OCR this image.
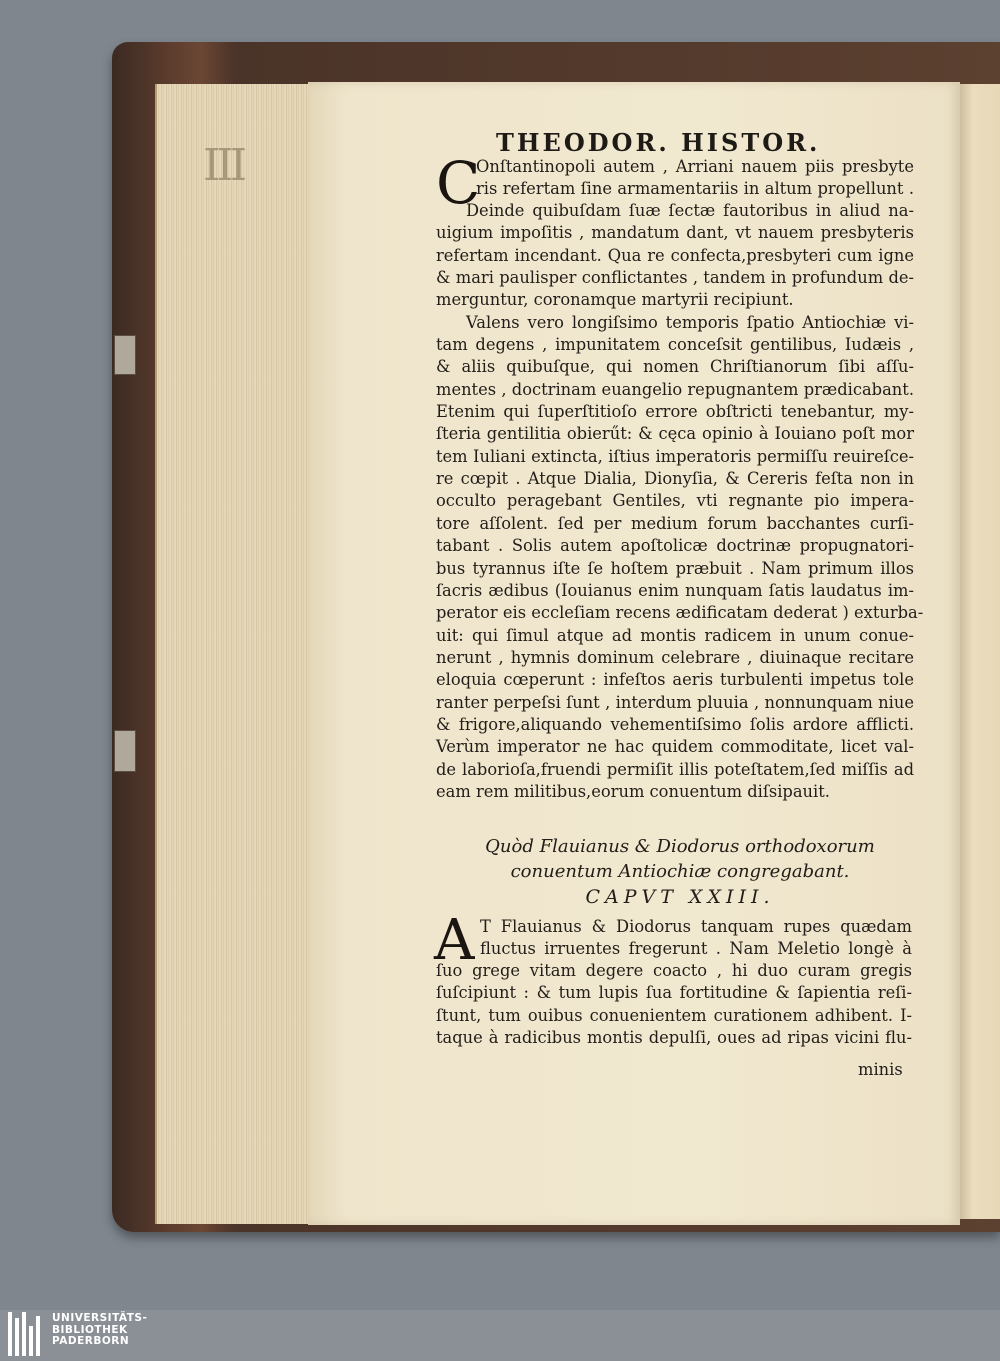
III	THEODOR. HISTOR.
C
Onſtantinopoli autem , Arriani nauem piis presbyte
ris refertam ſine armamentariis in altum propellunt .
Deinde quibuſdam ſuæ ſectæ fautoribus in aliud na-
uigium impoſitis , mandatum dant, vt nauem presbyteris
refertam incendant. Qua re confecta,presbyteri cum igne
& mari paulisper conflictantes , tandem in profundum de-
merguntur, coronamque martyrii recipiunt.
Valens vero longiſsimo temporis ſpatio Antiochiæ vi-
tam degens , impunitatem conceſsit gentilibus, Iudæis ,
& aliis quibuſque, qui nomen Chriſtianorum ſibi aſſu-
mentes , doctrinam euangelio repugnantem prædicabant.
Etenim qui ſuperſtitioſo errore obſtricti tenebantur, my-
ſteria gentilitia obierűt: & cęca opinio à Iouiano poſt mor
tem Iuliani extincta, iſtius imperatoris permiſſu reuireſce-
re cœpit . Atque Dialia, Dionyſia, & Cereris feſta non in
occulto peragebant Gentiles, vti regnante pio impera-
tore aſſolent. ſed per medium forum bacchantes curſi-
tabant . Solis autem apoſtolicæ doctrinæ propugnatori-
bus tyrannus iſte ſe hoſtem præbuit . Nam primum illos
ſacris ædibus (Iouianus enim nunquam ſatis laudatus im-
perator eis eccleſiam recens ædificatam dederat ) exturba-
uit: qui ſimul atque ad montis radicem in unum conue-
nerunt , hymnis dominum celebrare , diuinaque recitare
eloquia cœperunt : infeſtos aeris turbulenti impetus tole
ranter perpeſsi ſunt , interdum pluuia , nonnunquam niue
& frigore,aliquando vehementiſsimo ſolis ardore afflicti.
Verùm imperator ne hac quidem commoditate, licet val-
de laborioſa,fruendi permiſit illis poteſtatem,ſed miſſis ad
eam rem militibus,eorum conuentum diſsipauit.
Quòd Flauianus & Diodorus orthodoxorum
conuentum Antiochiæ congregabant.
CAPVT XXIII.
A T Flauianus & Diodorus tanquam rupes quædam
fluctus irruentes fregerunt . Nam Meletio longè à
ſuo grege vitam degere coacto , hi duo curam gregis
ſuſcipiunt : & tum lupis ſua fortitudine & ſapientia reſi-
ſtunt, tum ouibus conuenientem curationem adhibent. I-
taque à radicibus montis depulſi, oues ad ripas vicini flu-
minis
UNIVERSITÄTS-
BIBLIOTHEK
PADERBORN
